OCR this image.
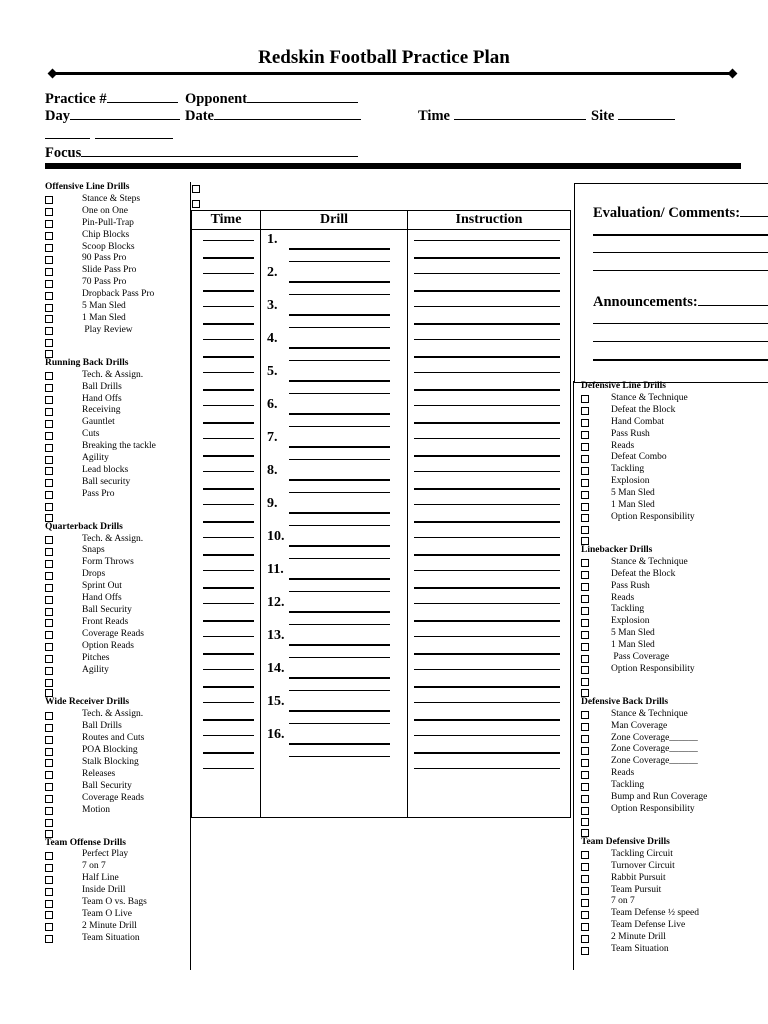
Redskin Football Practice Plan
Practice #	Opponent
Day	Date	Time	Site
Focus
Offensive Line Drills
Stance & Steps
One on One
Pin-Pull-Trap
Chip Blocks
Scoop Blocks
90 Pass Pro
Slide Pass Pro
70 Pass Pro
Dropback Pass Pro
5 Man Sled
1 Man Sled
Play Review
Running Back Drills
Tech. & Assign.
Ball Drills
Hand Offs
Receiving
Gauntlet
Cuts
Breaking the tackle
Agility
Lead blocks
Ball security
Pass Pro
Quarterback Drills
Tech. & Assign.
Snaps
Form Throws
Drops
Sprint Out
Hand Offs
Ball Security
Front Reads
Coverage Reads
Option Reads
Pitches
Agility
Wide Receiver Drills
Tech. & Assign.
Ball Drills
Routes and Cuts
POA Blocking
Stalk Blocking
Releases
Ball Security
Coverage Reads
Motion
Team Offense Drills
Perfect Play
7 on 7
Half Line
Inside Drill
Team O vs. Bags
Team O Live
2 Minute Drill
Team Situation
Time	Drill	Instruction
1.
2.
3.
4.
5.
6.
7.
8.
9.
10.
11.
12.
13.
14.
15.
16.
Evaluation/ Comments:
Announcements:
Defensive Line Drills
Stance & Technique
Defeat the Block
Hand Combat
Pass Rush
Reads
Defeat Combo
Tackling
Explosion
5 Man Sled
1 Man Sled
Option Responsibility
Linebacker Drills
Stance & Technique
Defeat the Block
Pass Rush
Reads
Tackling
Explosion
5 Man Sled
1 Man Sled
Pass Coverage
Option Responsibility
Defensive Back Drills
Stance & Technique
Man Coverage
Zone Coverage______
Zone Coverage______
Zone Coverage______
Reads
Tackling
Bump and Run Coverage
Option Responsibility
Team Defensive Drills
Tackling Circuit
Turnover Circuit
Rabbit Pursuit
Team Pursuit
7 on 7
Team Defense ½ speed
Team Defense Live
2 Minute Drill
Team Situation
